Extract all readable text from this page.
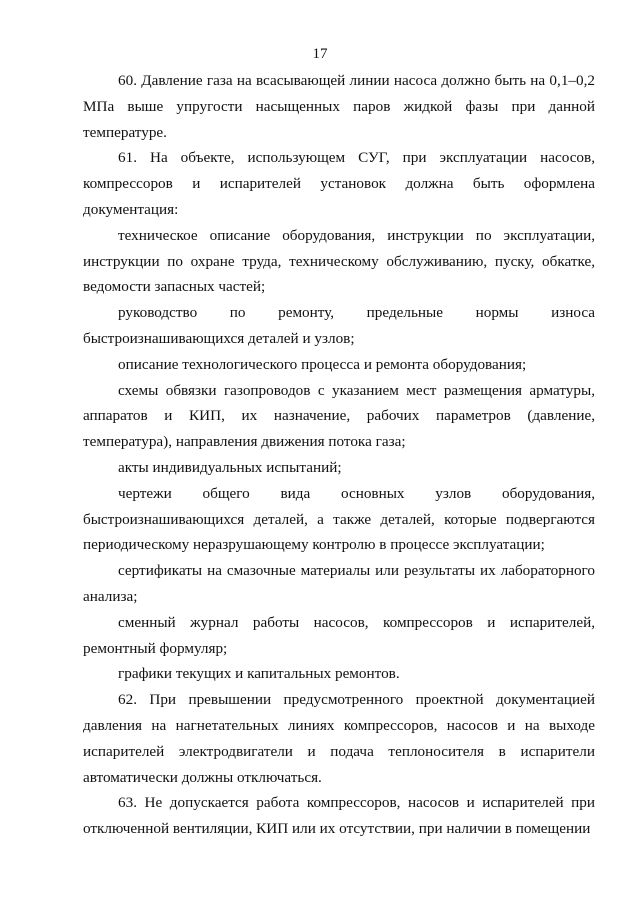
17

60. Давление газа на всасывающей линии насоса должно быть на 0,1–0,2 МПа выше упругости насыщенных паров жидкой фазы при данной температуре.

61. На объекте, использующем СУГ, при эксплуатации насосов, компрессоров и испарителей установок должна быть оформлена документация:

техническое описание оборудования, инструкции по эксплуатации, инструкции по охране труда, техническому обслуживанию, пуску, обкатке, ведомости запасных частей;

руководство по ремонту, предельные нормы износа быстроизнашивающихся деталей и узлов;

описание технологического процесса и ремонта оборудования;

схемы обвязки газопроводов с указанием мест размещения арматуры, аппаратов и КИП, их назначение, рабочих параметров (давление, температура), направления движения потока газа;

акты индивидуальных испытаний;

чертежи общего вида основных узлов оборудования, быстроизнашивающихся деталей, а также деталей, которые подвергаются периодическому неразрушающему контролю в процессе эксплуатации;

сертификаты на смазочные материалы или результаты их лабораторного анализа;

сменный журнал работы насосов, компрессоров и испарителей, ремонтный формуляр;

графики текущих и капитальных ремонтов.

62. При превышении предусмотренного проектной документацией давления на нагнетательных линиях компрессоров, насосов и на выходе испарителей электродвигатели и подача теплоносителя в испарители автоматически должны отключаться.

63. Не допускается работа компрессоров, насосов и испарителей при отключенной вентиляции, КИП или их отсутствии, при наличии в помещении
